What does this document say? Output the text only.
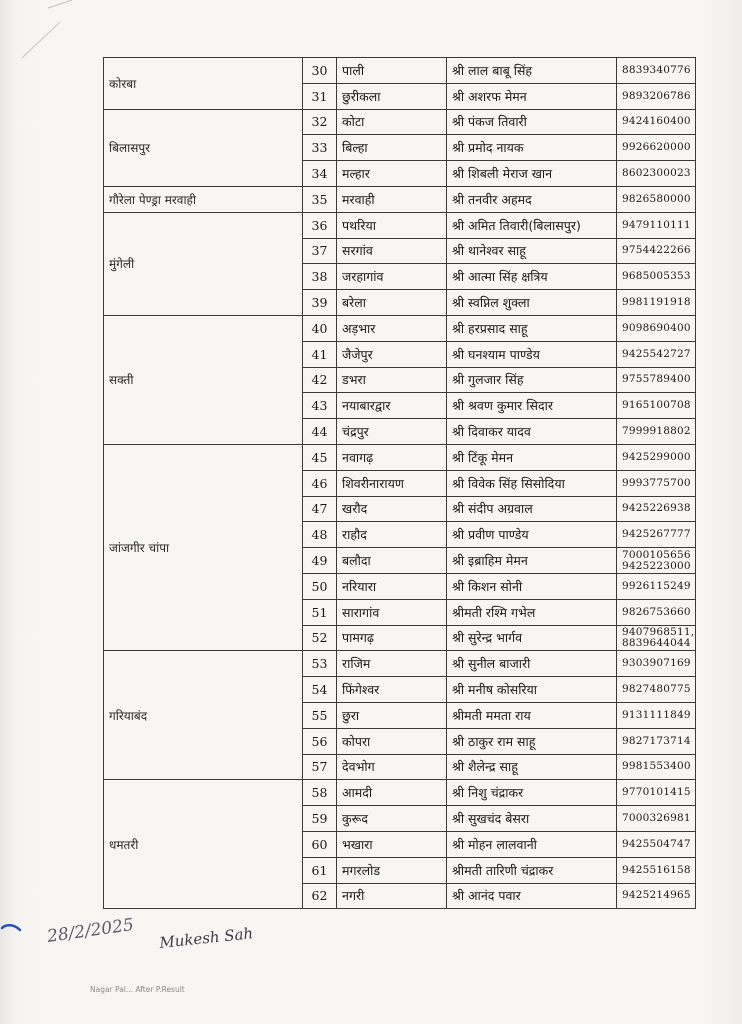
कोरबा	30	पाली	श्री लाल बाबू सिंह	8839340776

	31	छुरीकला	श्री अशरफ मेमन	9893206786

बिलासपुर	32	कोटा	श्री पंकज तिवारी	9424160400

	33	बिल्हा	श्री प्रमोद नायक	9926620000

	34	मल्हार	श्री शिबली मेराज खान	8602300023

गौरेला पेण्ड्रा मरवाही	35	मरवाही	श्री तनवीर अहमद	9826580000

मुंगेली	36	पथरिया	श्री अमित तिवारी(बिलासपुर)	9479110111

	37	सरगांव	श्री थानेश्वर साहू	9754422266

	38	जरहागांव	श्री आत्मा सिंह क्षत्रिय	9685005353

	39	बरेला	श्री स्वप्निल शुक्ला	9981191918

सक्ती	40	अड़भार	श्री हरप्रसाद साहू	9098690400

	41	जैजेपुर	श्री घनश्याम पाण्डेय	9425542727

	42	डभरा	श्री गुलजार सिंह	9755789400

	43	नयाबारद्वार	श्री श्रवण कुमार सिदार	9165100708

	44	चंद्रपुर	श्री दिवाकर यादव	7999918802

जांजगीर चांपा	45	नवागढ़	श्री टिंकू मेमन	9425299000

	46	शिवरीनारायण	श्री विवेक सिंह सिसोदिया	9993775700

	47	खरौद	श्री संदीप अग्रवाल	9425226938

	48	राहौद	श्री प्रवीण पाण्डेय	9425267777

	49	बलौदा	श्री इब्राहिम मेमन	7000105656
9425223000

	50	नरियारा	श्री किशन सोनी	9926115249

	51	सारागांव	श्रीमती रश्मि गभेल	9826753660

	52	पामगढ़	श्री सुरेन्द्र भार्गव	9407968511,
8839644044

गरियाबंद	53	राजिम	श्री सुनील बाजारी	9303907169

	54	फिंगेश्वर	श्री मनीष कोसरिया	9827480775

	55	छुरा	श्रीमती ममता राय	9131111849

	56	कोपरा	श्री ठाकुर राम साहू	9827173714

	57	देवभोग	श्री शैलेन्द्र साहू	9981553400

धमतरी	58	आमदी	श्री निशु चंद्राकर	9770101415

	59	कुरूद	श्री सुखचंद बेसरा	7000326981

	60	भखारा	श्री मोहन लालवानी	9425504747

	61	मगरलोड	श्रीमती तारिणी चंद्राकर	9425516158

	62	नगरी	श्री आनंद पवार	9425214965
28/2/2025 Mukesh Sah
Nagar Pal... After P.Result
